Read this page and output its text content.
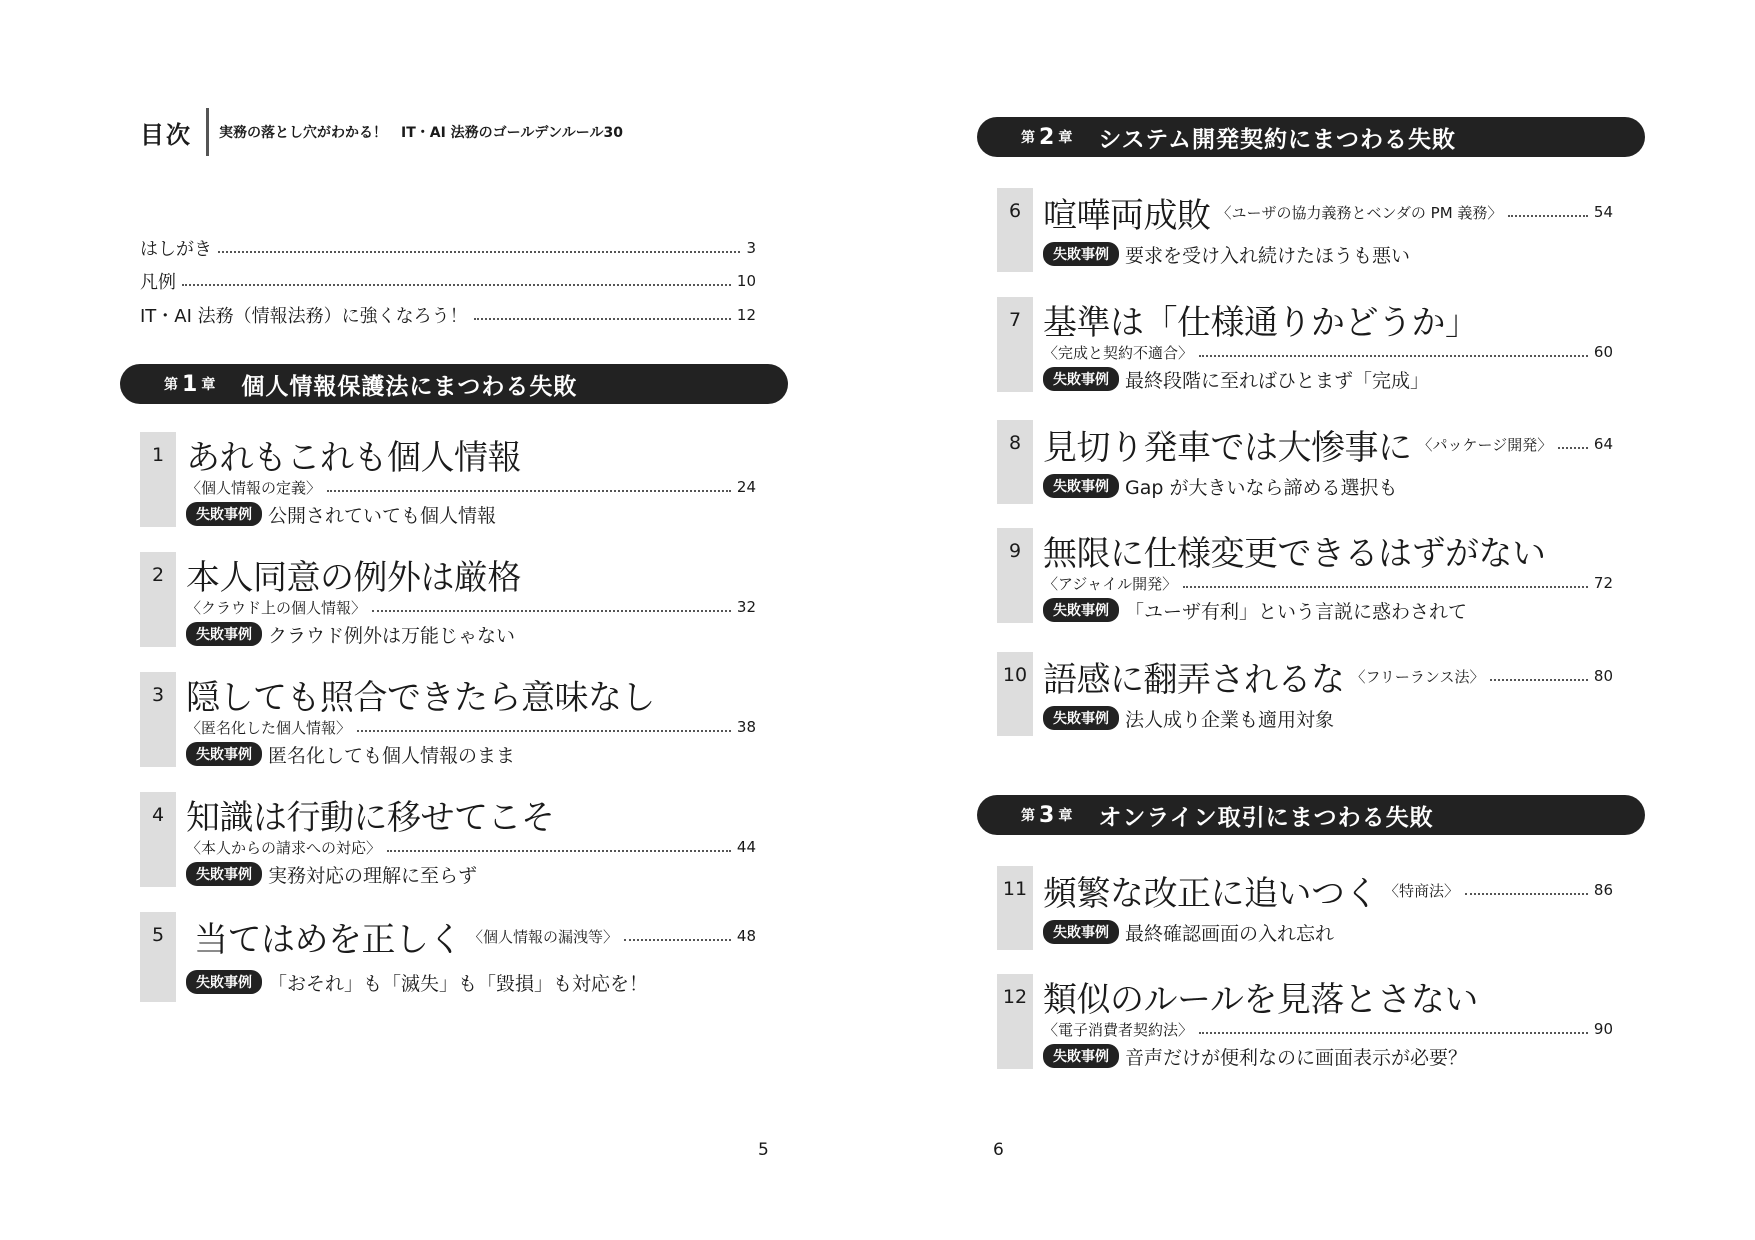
目次 実務の落とし穴がわかる！　IT・AI 法務のゴールデンルール30
はしがき	3
凡例	10
IT・AI 法務（情報法務）に強くなろう！	12
第 1 章 個人情報保護法にまつわる失敗
1 あれもこれも個人情報
〈個人情報の定義〉	24
失敗事例 公開されていても個人情報
2 本人同意の例外は厳格
〈クラウド上の個人情報〉	32
失敗事例 クラウド例外は万能じゃない
3 隠しても照合できたら意味なし
〈匿名化した個人情報〉	38
失敗事例 匿名化しても個人情報のまま
4 知識は行動に移せてこそ
〈本人からの請求への対応〉	44
失敗事例 実務対応の理解に至らず
5 当てはめを正しく 〈個人情報の漏洩等〉	48
失敗事例 「おそれ」も「滅失」も「毀損」も対応を！
5
第 2 章 システム開発契約にまつわる失敗
6 喧嘩両成敗 〈ユーザの協力義務とベンダの PM 義務〉	54
失敗事例 要求を受け入れ続けたほうも悪い
7 基準は「仕様通りかどうか」
〈完成と契約不適合〉	60
失敗事例 最終段階に至ればひとまず「完成」
8 見切り発車では大惨事に 〈パッケージ開発〉	64
失敗事例 Gap が大きいなら諦める選択も
9 無限に仕様変更できるはずがない
〈アジャイル開発〉	72
失敗事例 「ユーザ有利」という言説に惑わされて
10 語感に翻弄されるな 〈フリーランス法〉	80
失敗事例 法人成り企業も適用対象
第 3 章 オンライン取引にまつわる失敗
11 頻繁な改正に追いつく 〈特商法〉	86
失敗事例 最終確認画面の入れ忘れ
12 類似のルールを見落とさない
〈電子消費者契約法〉	90
失敗事例 音声だけが便利なのに画面表示が必要？
6
